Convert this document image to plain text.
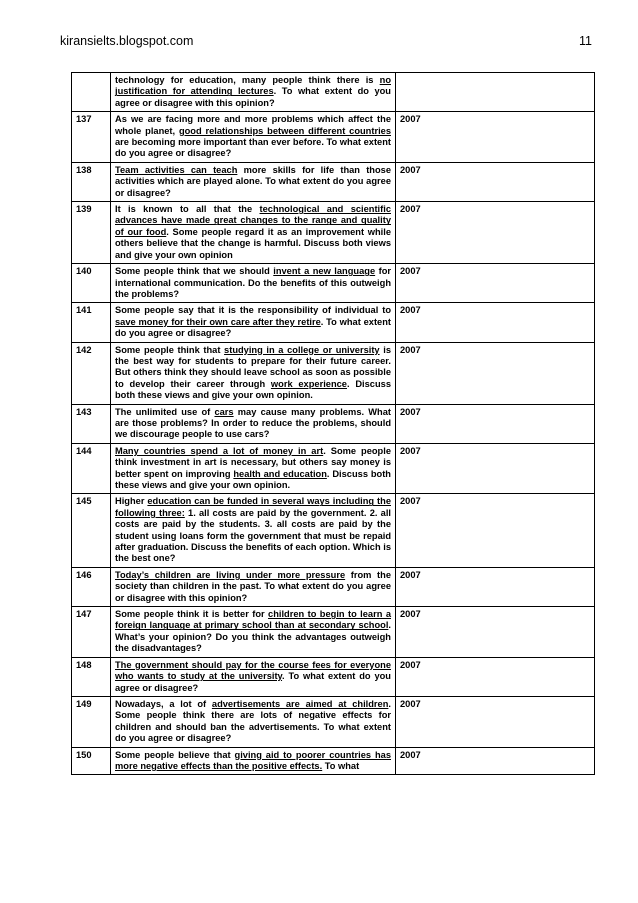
kiransielts.blogspot.com	11
	technology for education, many people think there is no justification for attending lectures. To what extent do you agree or disagree with this opinion?	
137	As we are facing more and more problems which affect the whole planet, good relationships between different countries are becoming more important than ever before. To what extent do you agree or disagree?	2007
138	Team activities can teach more skills for life than those activities which are played alone. To what extent do you agree or disagree?	2007
139	It is known to all that the technological and scientific advances have made great changes to the range and quality of our food. Some people regard it as an improvement while others believe that the change is harmful. Discuss both views and give your own opinion	2007
140	Some people think that we should invent a new language for international communication. Do the benefits of this outweigh the problems?	2007
141	Some people say that it is the responsibility of individual to save money for their own care after they retire. To what extent do you agree or disagree?	2007
142	Some people think that studying in a college or university is the best way for students to prepare for their future career. But others think they should leave school as soon as possible to develop their career through work experience. Discuss both these views and give your own opinion.	2007
143	The unlimited use of cars may cause many problems. What are those problems? In order to reduce the problems, should we discourage people to use cars?	2007
144	Many countries spend a lot of money in art. Some people think investment in art is necessary, but others say money is better spent on improving health and education. Discuss both these views and give your own opinion.	2007
145	Higher education can be funded in several ways including the following three: 1. all costs are paid by the government. 2. all costs are paid by the students. 3. all costs are paid by the student using loans form the government that must be repaid after graduation. Discuss the benefits of each option. Which is the best one?	2007
146	Today’s children are living under more pressure from the society than children in the past. To what extent do you agree or disagree with this opinion?	2007
147	Some people think it is better for children to begin to learn a foreign language at primary school than at secondary school. What’s your opinion? Do you think the advantages outweigh the disadvantages?	2007
148	The government should pay for the course fees for everyone who wants to study at the university. To what extent do you agree or disagree?	2007
149	Nowadays, a lot of advertisements are aimed at children. Some people think there are lots of negative effects for children and should ban the advertisements. To what extent do you agree or disagree?	2007
150	Some people believe that giving aid to poorer countries has more negative effects than the positive effects. To what	2007
